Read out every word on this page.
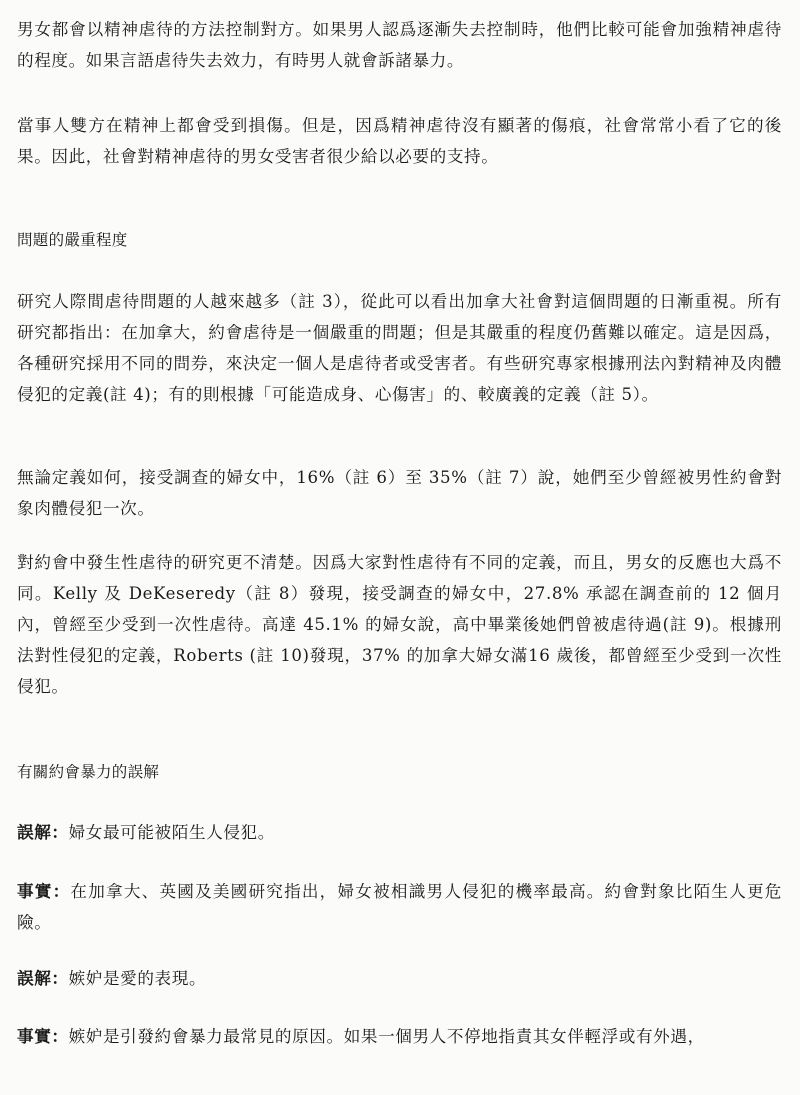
男女都會以精神虐待的方法控制對方。如果男人認爲逐漸失去控制時，他們比較可能會加強精神虐待的程度。如果言語虐待失去效力，有時男人就會訴諸暴力。

當事人雙方在精神上都會受到損傷。但是，因爲精神虐待沒有顯著的傷痕，社會常常小看了它的後果。因此，社會對精神虐待的男女受害者很少給以必要的支持。

問題的嚴重程度

研究人際間虐待問題的人越來越多（註 3），從此可以看出加拿大社會對這個問題的日漸重視。所有研究都指出：在加拿大，約會虐待是一個嚴重的問題；但是其嚴重的程度仍舊難以確定。這是因爲，各種研究採用不同的問券，來決定一個人是虐待者或受害者。有些研究專家根據刑法內對精神及肉體侵犯的定義(註 4)；有的則根據「可能造成身、心傷害」的、較廣義的定義（註 5）。

無論定義如何，接受調查的婦女中，16%（註 6）至 35%（註 7）說，她們至少曾經被男性約會對象肉體侵犯一次。

對約會中發生性虐待的研究更不清楚。因爲大家對性虐待有不同的定義，而且，男女的反應也大爲不同。Kelly 及 DeKeseredy（註 8）發現，接受調查的婦女中，27.8% 承認在調查前的 12 個月內，曾經至少受到一次性虐待。高達 45.1% 的婦女說，高中畢業後她們曾被虐待過(註 9)。根據刑法對性侵犯的定義，Roberts (註 10)發現，37% 的加拿大婦女滿16 歲後，都曾經至少受到一次性侵犯。

有關約會暴力的誤解

誤解：婦女最可能被陌生人侵犯。

事實：在加拿大、英國及美國研究指出，婦女被相識男人侵犯的機率最高。約會對象比陌生人更危險。

誤解：嫉妒是愛的表現。

事實：嫉妒是引發約會暴力最常見的原因。如果一個男人不停地指責其女伴輕浮或有外遇，
